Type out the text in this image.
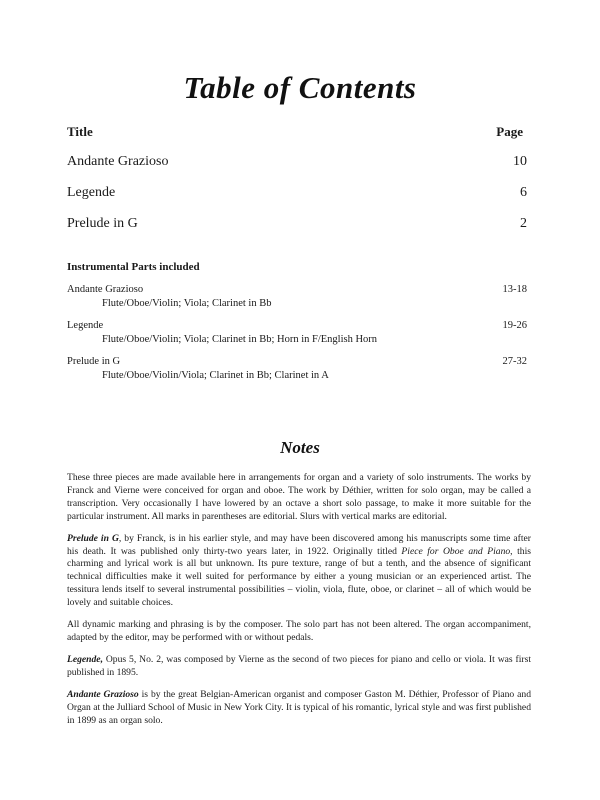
Table of Contents
Title	Page
Andante Grazioso	10
Legende	6
Prelude in G	2
Instrumental Parts included
Andante Grazioso	13-18
Flute/Oboe/Violin; Viola; Clarinet in Bb
Legende	19-26
Flute/Oboe/Violin; Viola; Clarinet in Bb; Horn in F/English Horn
Prelude in G	27-32
Flute/Oboe/Violin/Viola; Clarinet in Bb; Clarinet in A
Notes

These three pieces are made available here in arrangements for organ and a variety of solo instruments. The works by Franck and Vierne were conceived for organ and oboe. The work by Déthier, written for solo organ, may be called a transcription. Very occasionally I have lowered by an octave a short solo passage, to make it more suitable for the particular instrument. All marks in parentheses are editorial. Slurs with vertical marks are editorial.

Prelude in G, by Franck, is in his earlier style, and may have been discovered among his manuscripts some time after his death. It was published only thirty-two years later, in 1922. Originally titled Piece for Oboe and Piano, this charming and lyrical work is all but unknown. Its pure texture, range of but a tenth, and the absence of significant technical difficulties make it well suited for performance by either a young musician or an experienced artist. The tessitura lends itself to several instrumental possibilities – violin, viola, flute, oboe, or clarinet – all of which would be lovely and suitable choices.

All dynamic marking and phrasing is by the composer. The solo part has not been altered. The organ accompaniment, adapted by the editor, may be performed with or without pedals.

Legende, Opus 5, No. 2, was composed by Vierne as the second of two pieces for piano and cello or viola. It was first published in 1895.

Andante Grazioso is by the great Belgian-American organist and composer Gaston M. Déthier, Professor of Piano and Organ at the Julliard School of Music in New York City. It is typical of his romantic, lyrical style and was first published in 1899 as an organ solo.
